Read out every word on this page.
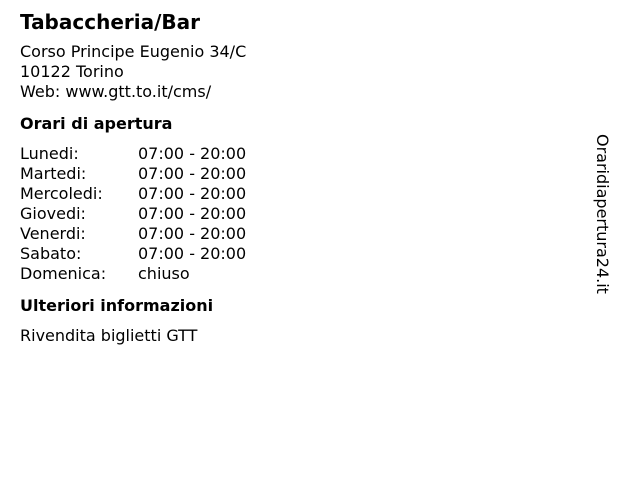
Tabaccheria/Bar
Corso Principe Eugenio 34/C
10122 Torino
Web: www.gtt.to.it/cms/
Orari di apertura
Lunedi:	07:00 - 20:00
Martedi:	07:00 - 20:00
Mercoledi:	07:00 - 20:00
Giovedi:	07:00 - 20:00
Venerdi:	07:00 - 20:00
Sabato:	07:00 - 20:00
Domenica:	chiuso
Ulteriori informazioni
Rivendita biglietti GTT
Oraridiapertura24.it
